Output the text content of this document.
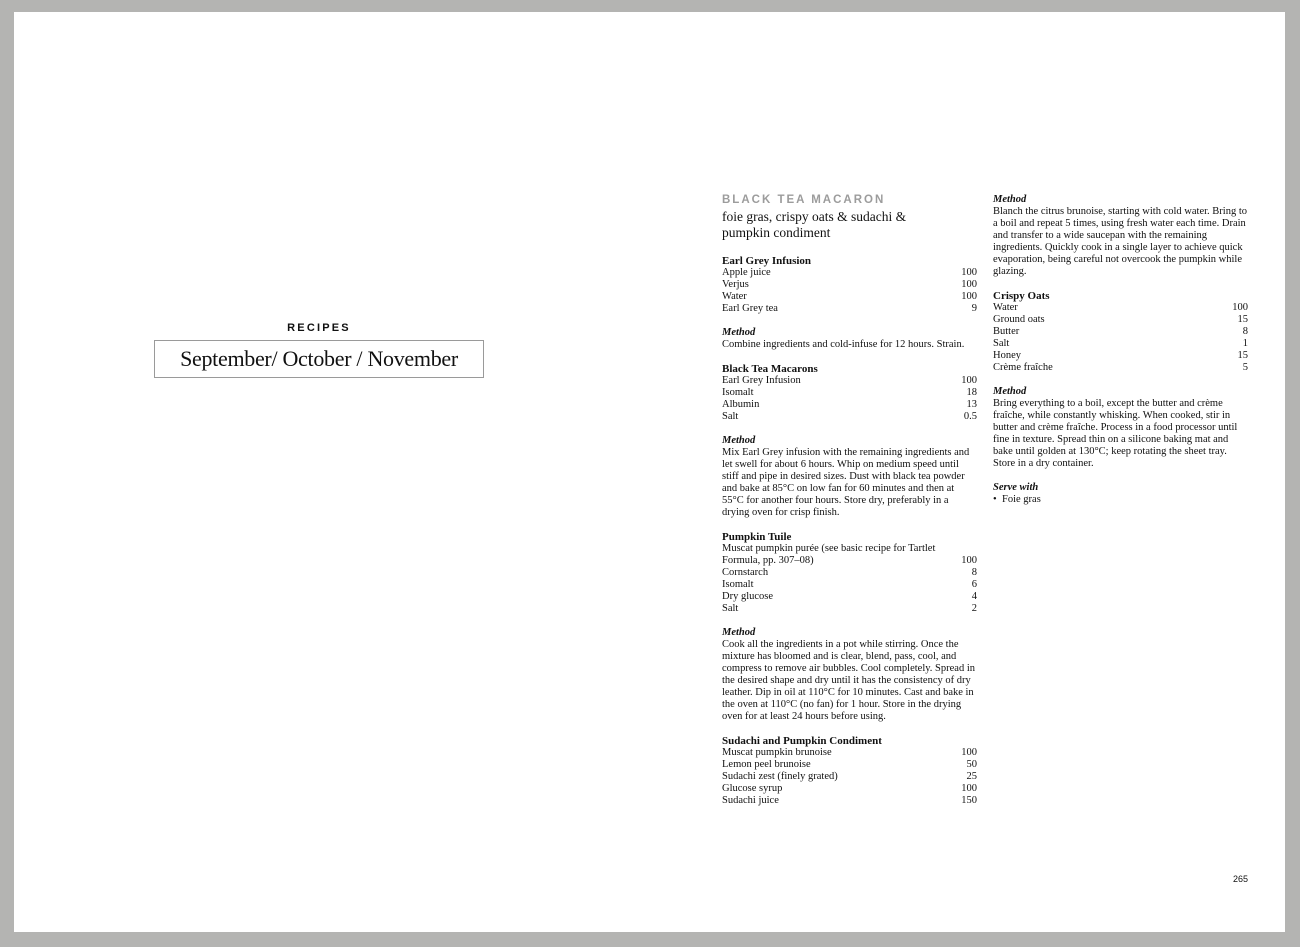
RECIPES
September/ October / November
BLACK TEA MACARON
foie gras, crispy oats & sudachi &
pumpkin condiment
Earl Grey Infusion
Apple juice	100
Verjus	100
Water	100
Earl Grey tea	9
Method
Combine ingredients and cold-infuse for 12 hours. Strain.
Black Tea Macarons
Earl Grey Infusion	100
Isomalt	18
Albumin	13
Salt	0.5
Method
Mix Earl Grey infusion with the remaining ingredients and let swell for about 6 hours. Whip on medium speed until stiff and pipe in desired sizes. Dust with black tea powder and bake at 85°C on low fan for 60 minutes and then at 55°C for another four hours. Store dry, preferably in a drying oven for crisp finish.
Pumpkin Tuile
Muscat pumpkin purée (see basic recipe for Tartlet
Formula, pp. 307–08)	100
Cornstarch	8
Isomalt	6
Dry glucose	4
Salt	2
Method
Cook all the ingredients in a pot while stirring. Once the mixture has bloomed and is clear, blend, pass, cool, and compress to remove air bubbles. Cool completely. Spread in the desired shape and dry until it has the consistency of dry leather. Dip in oil at 110°C for 10 minutes. Cast and bake in the oven at 110°C (no fan) for 1 hour. Store in the drying oven for at least 24 hours before using.
Sudachi and Pumpkin Condiment
Muscat pumpkin brunoise	100
Lemon peel brunoise	50
Sudachi zest (finely grated)	25
Glucose syrup	100
Sudachi juice	150
Method
Blanch the citrus brunoise, starting with cold water. Bring to a boil and repeat 5 times, using fresh water each time. Drain and transfer to a wide saucepan with the remaining ingredients. Quickly cook in a single layer to achieve quick evaporation, being careful not overcook the pumpkin while glazing.
Crispy Oats
Water	100
Ground oats	15
Butter	8
Salt	1
Honey	15
Crème fraîche	5
Method
Bring everything to a boil, except the butter and crème fraîche, while constantly whisking. When cooked, stir in butter and crème fraîche. Process in a food processor until fine in texture. Spread thin on a silicone baking mat and bake until golden at 130°C; keep rotating the sheet tray. Store in a dry container.
Serve with
• Foie gras
265
